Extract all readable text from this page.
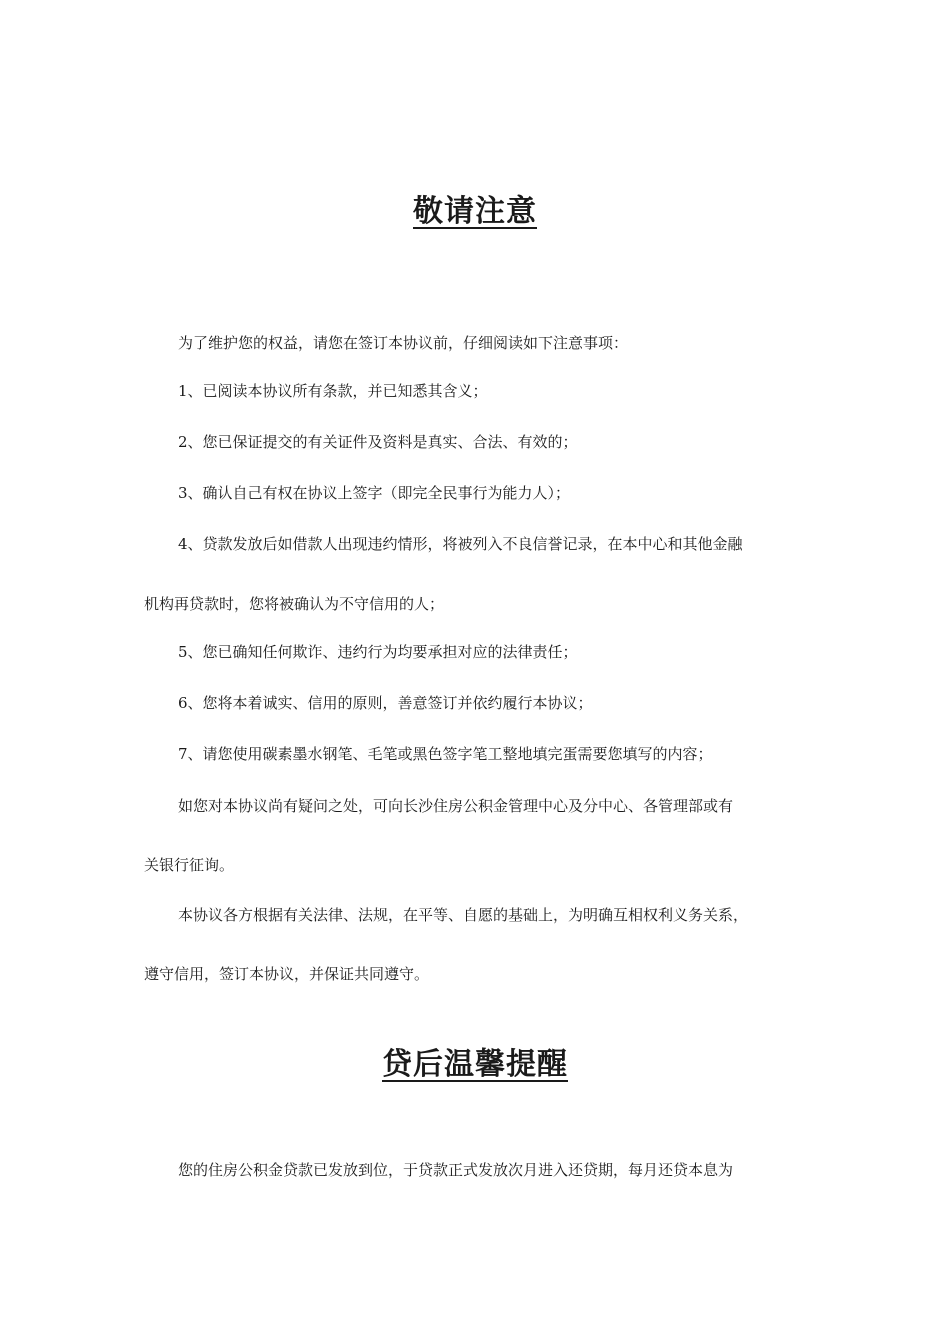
敬请注意
为了维护您的权益，请您在签订本协议前，仔细阅读如下注意事项：
1、已阅读本协议所有条款，并已知悉其含义；
2、您已保证提交的有关证件及资料是真实、合法、有效的；
3、确认自己有权在协议上签字（即完全民事行为能力人）；
4、贷款发放后如借款人出现违约情形，将被列入不良信誉记录，在本中心和其他金融
机构再贷款时，您将被确认为不守信用的人；
5、您已确知任何欺诈、违约行为均要承担对应的法律责任；
6、您将本着诚实、信用的原则，善意签订并依约履行本协议；
7、请您使用碳素墨水钢笔、毛笔或黑色签字笔工整地填完蛋需要您填写的内容；
如您对本协议尚有疑问之处，可向长沙住房公积金管理中心及分中心、各管理部或有
关银行征询。
本协议各方根据有关法律、法规，在平等、自愿的基础上，为明确互相权利义务关系，
遵守信用，签订本协议，并保证共同遵守。
贷后温馨提醒
您的住房公积金贷款已发放到位，于贷款正式发放次月进入还贷期，每月还贷本息为
